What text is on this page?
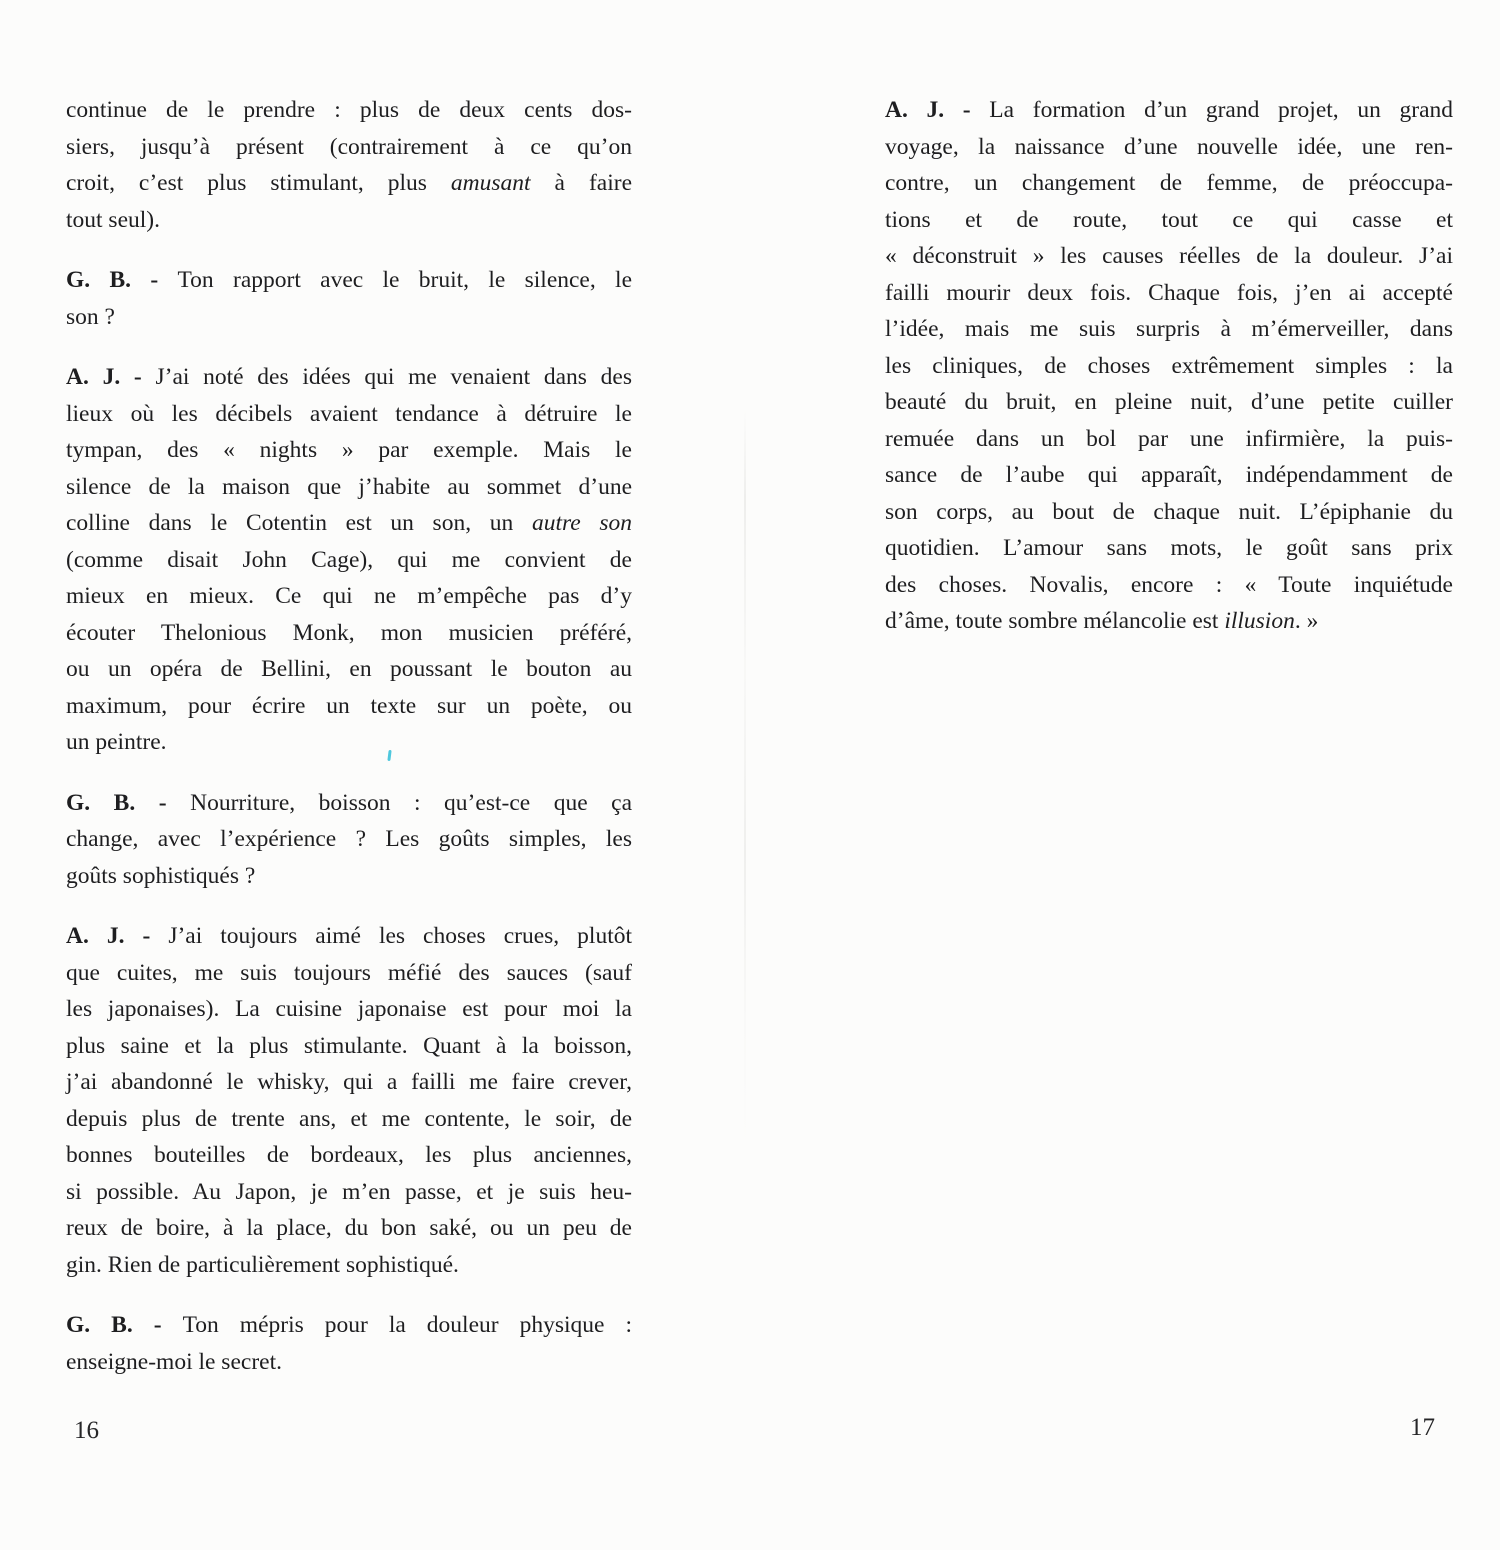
continue de le prendre : plus de deux cents dos-
siers, jusqu’à présent (contrairement à ce qu’on
croit, c’est plus stimulant, plus amusant à faire
tout seul).
G. B. - Ton rapport avec le bruit, le silence, le
son ?
A. J. - J’ai noté des idées qui me venaient dans des
lieux où les décibels avaient tendance à détruire le
tympan, des « nights » par exemple. Mais le
silence de la maison que j’habite au sommet d’une
colline dans le Cotentin est un son, un autre son
(comme disait John Cage), qui me convient de
mieux en mieux. Ce qui ne m’empêche pas d’y
écouter Thelonious Monk, mon musicien préféré,
ou un opéra de Bellini, en poussant le bouton au
maximum, pour écrire un texte sur un poète, ou
un peintre.
G. B. - Nourriture, boisson : qu’est-ce que ça
change, avec l’expérience ? Les goûts simples, les
goûts sophistiqués ?
A. J. - J’ai toujours aimé les choses crues, plutôt
que cuites, me suis toujours méfié des sauces (sauf
les japonaises). La cuisine japonaise est pour moi la
plus saine et la plus stimulante. Quant à la boisson,
j’ai abandonné le whisky, qui a failli me faire crever,
depuis plus de trente ans, et me contente, le soir, de
bonnes bouteilles de bordeaux, les plus anciennes,
si possible. Au Japon, je m’en passe, et je suis heu-
reux de boire, à la place, du bon saké, ou un peu de
gin. Rien de particulièrement sophistiqué.
G. B. - Ton mépris pour la douleur physique :
enseigne-moi le secret.
A. J. - La formation d’un grand projet, un grand
voyage, la naissance d’une nouvelle idée, une ren-
contre, un changement de femme, de préoccupa-
tions et de route, tout ce qui casse et
« déconstruit » les causes réelles de la douleur. J’ai
failli mourir deux fois. Chaque fois, j’en ai accepté
l’idée, mais me suis surpris à m’émerveiller, dans
les cliniques, de choses extrêmement simples : la
beauté du bruit, en pleine nuit, d’une petite cuiller
remuée dans un bol par une infirmière, la puis-
sance de l’aube qui apparaît, indépendamment de
son corps, au bout de chaque nuit. L’épiphanie du
quotidien. L’amour sans mots, le goût sans prix
des choses. Novalis, encore : « Toute inquiétude
d’âme, toute sombre mélancolie est illusion. »
16	17
